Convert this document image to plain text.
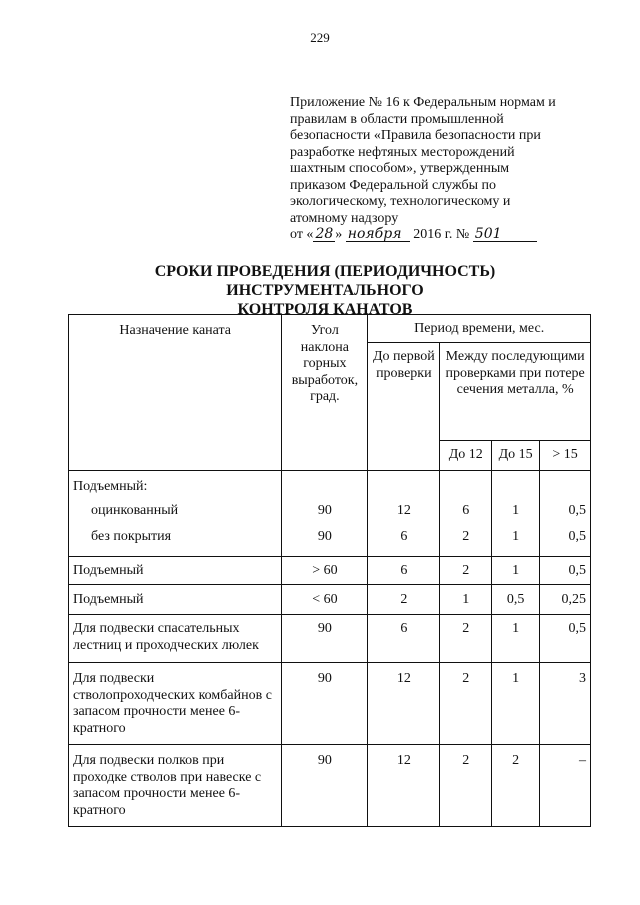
229
Приложение № 16 к Федеральным нормам и
правилам в области промышленной
безопасности «Правила безопасности при
разработке нефтяных месторождений
шахтным способом», утвержденным
приказом Федеральной службы по
экологическому, технологическому и
атомному надзору
от « 28 » ноября 2016 г. № 501
СРОКИ ПРОВЕДЕНИЯ (ПЕРИОДИЧНОСТЬ) ИНСТРУМЕНТАЛЬНОГО
КОНТРОЛЯ КАНАТОВ
Назначение каната	Угол наклона горных выработок, град.	Период времени, мес.			
		До первой проверки	Между последующими проверками при потере сечения металла, %		
			До 12	До 15	> 15
Подъемный:					
оцинкованный	90	12	6	1	0,5
без покрытия	90	6	2	1	0,5
Подъемный	> 60	6	2	1	0,5
Подъемный	< 60	2	1	0,5	0,25
Для подвески спасательных лестниц и проходческих люлек	90	6	2	1	0,5
Для подвески стволопроходческих комбайнов с запасом прочности менее 6-кратного	90	12	2	1	3
Для подвески полков при проходке стволов при навеске с запасом прочности менее 6-кратного	90	12	2	2	–
